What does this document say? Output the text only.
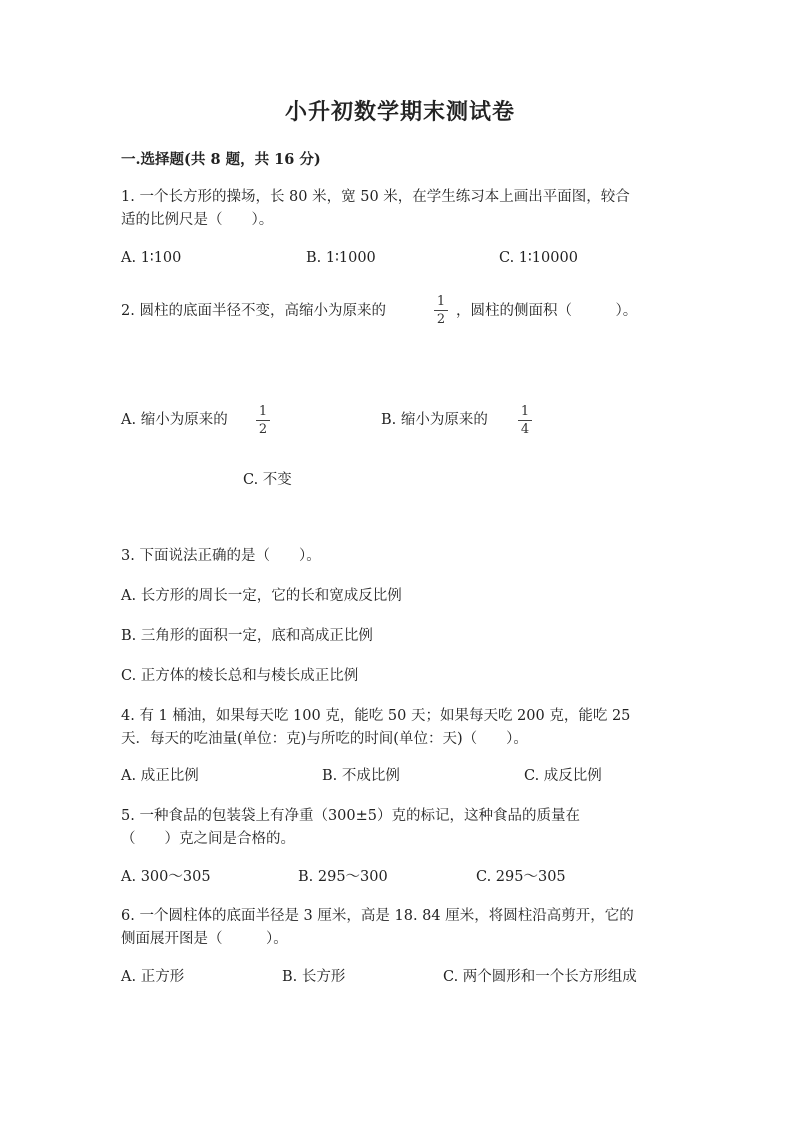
小升初数学期末测试卷
一.选择题(共 8 题，共 16 分)
1. 一个长方形的操场，长 80 米，宽 50 米，在学生练习本上画出平面图，较合
适的比例尺是（　　）。
A. 1∶100	B. 1∶1000	C. 1∶10000
2. 圆柱的底面半径不变，高缩小为原来的
1
2
，圆柱的侧面积（　　　）。
A. 缩小为原来的
1
2
B. 缩小为原来的
1
4
C. 不变
3. 下面说法正确的是（　　）。
A. 长方形的周长一定，它的长和宽成反比例
B. 三角形的面积一定，底和高成正比例
C. 正方体的棱长总和与棱长成正比例
4. 有 1 桶油，如果每天吃 100 克，能吃 50 天；如果每天吃 200 克，能吃 25
天．每天的吃油量(单位：克)与所吃的时间(单位：天)（　　）。
A. 成正比例	B. 不成比例	C. 成反比例
5. 一种食品的包装袋上有净重（300±5）克的标记，这种食品的质量在
（　　）克之间是合格的。
A. 300～305	B. 295～300	C. 295～305
6. 一个圆柱体的底面半径是 3 厘米，高是 18. 84 厘米，将圆柱沿高剪开，它的
侧面展开图是（　　　）。
A. 正方形	B. 长方形	C. 两个圆形和一个长方形组成
